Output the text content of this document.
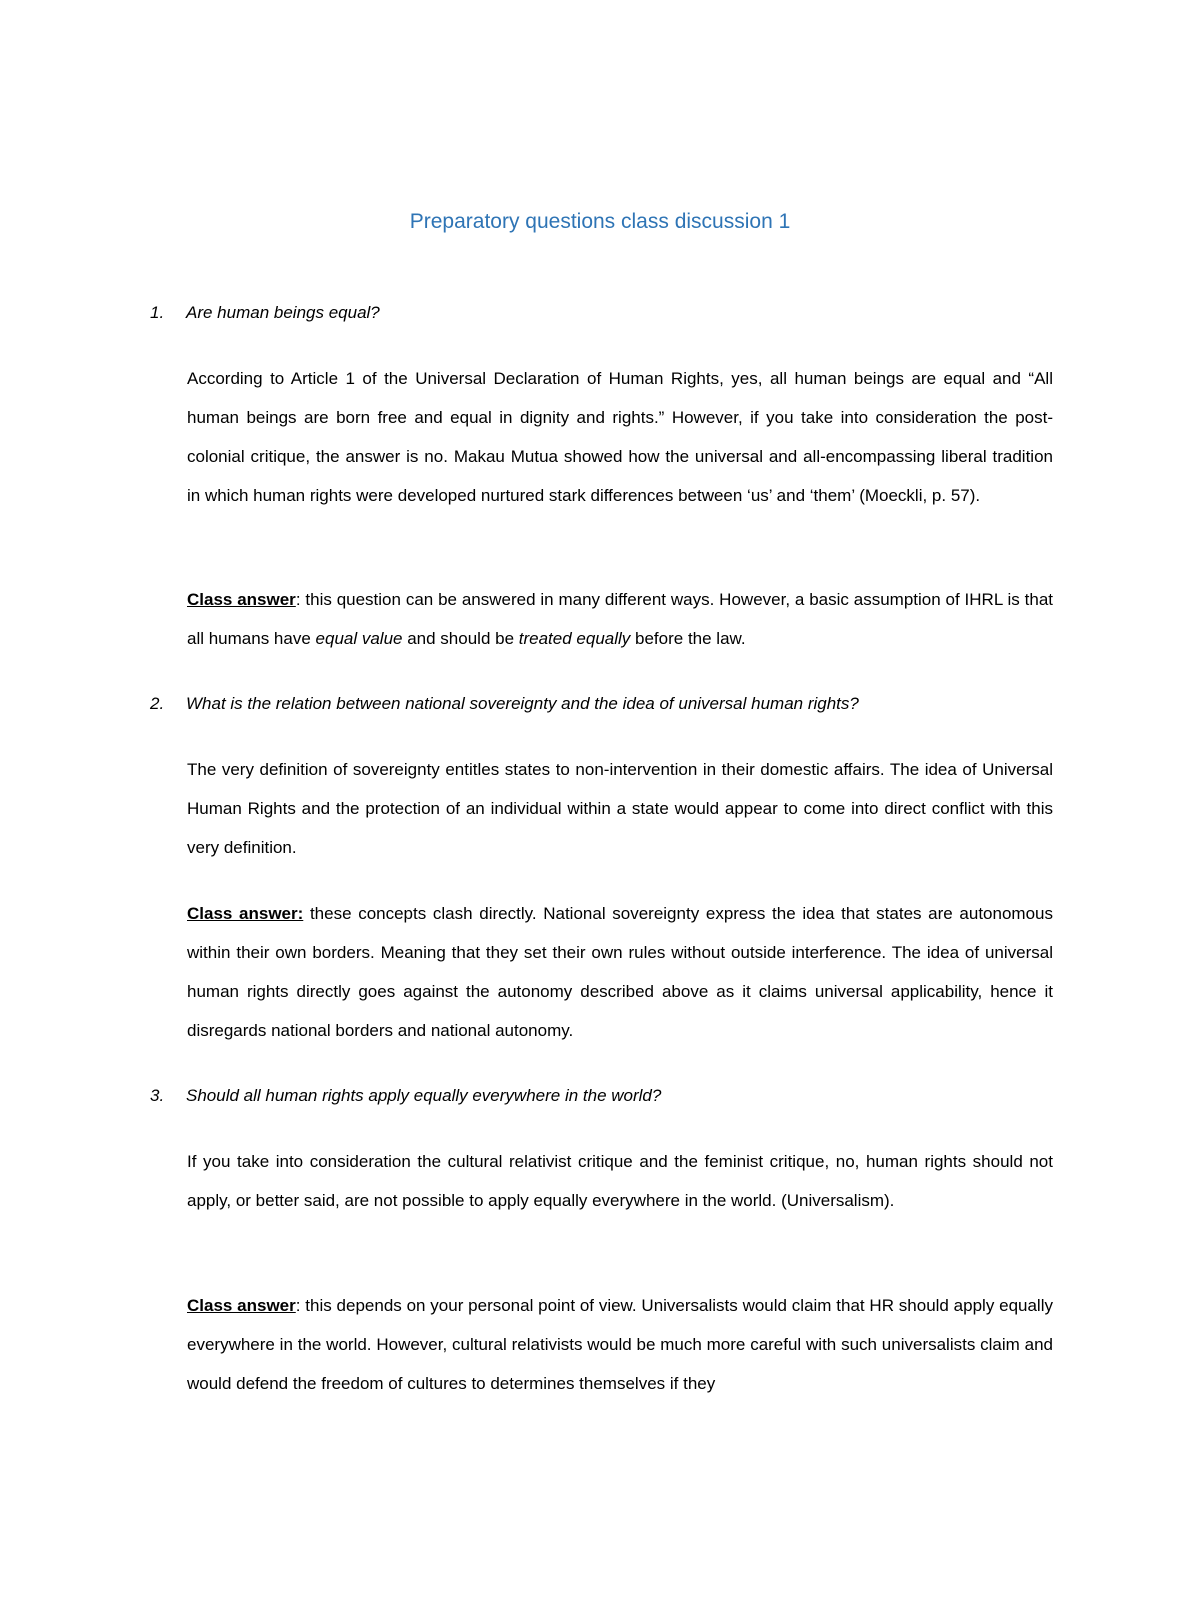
Preparatory questions class discussion 1
1. Are human beings equal?
According to Article 1 of the Universal Declaration of Human Rights, yes, all human beings are equal and “All human beings are born free and equal in dignity and rights.” However, if you take into consideration the post-colonial critique, the answer is no. Makau Mutua showed how the universal and all-encompassing liberal tradition in which human rights were developed nurtured stark differences between ‘us’ and ‘them’ (Moeckli, p. 57).
Class answer: this question can be answered in many different ways. However, a basic assumption of IHRL is that all humans have equal value and should be treated equally before the law.
2. What is the relation between national sovereignty and the idea of universal human rights?
The very definition of sovereignty entitles states to non-intervention in their domestic affairs. The idea of Universal Human Rights and the protection of an individual within a state would appear to come into direct conflict with this very definition.
Class answer: these concepts clash directly. National sovereignty express the idea that states are autonomous within their own borders. Meaning that they set their own rules without outside interference. The idea of universal human rights directly goes against the autonomy described above as it claims universal applicability, hence it disregards national borders and national autonomy.
3. Should all human rights apply equally everywhere in the world?
If you take into consideration the cultural relativist critique and the feminist critique, no, human rights should not apply, or better said, are not possible to apply equally everywhere in the world. (Universalism).
Class answer: this depends on your personal point of view. Universalists would claim that HR should apply equally everywhere in the world. However, cultural relativists would be much more careful with such universalists claim and would defend the freedom of cultures to determines themselves if they
